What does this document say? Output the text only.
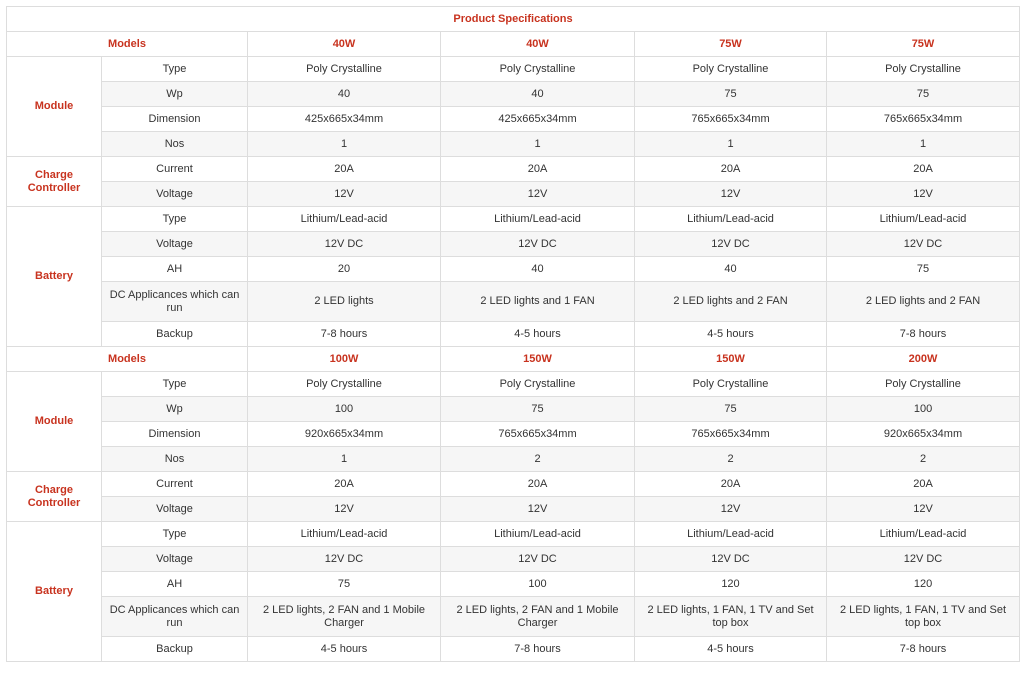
Product Specifications					
Models		40W	40W	75W	75W
Module	Type	Poly Crystalline	Poly Crystalline	Poly Crystalline	Poly Crystalline
	Wp	40	40	75	75
	Dimension	425x665x34mm	425x665x34mm	765x665x34mm	765x665x34mm
	Nos	1	1	1	1
Charge
Controller	Current	20A	20A	20A	20A
	Voltage	12V	12V	12V	12V
Battery	Type	Lithium/Lead-acid	Lithium/Lead-acid	Lithium/Lead-acid	Lithium/Lead-acid
	Voltage	12V DC	12V DC	12V DC	12V DC
	AH	20	40	40	75
	DC Applicances which can run	2 LED lights	2 LED lights and 1 FAN	2 LED lights and 2 FAN	2 LED lights and 2 FAN
	Backup	7-8 hours	4-5 hours	4-5 hours	7-8 hours
Models		100W	150W	150W	200W
Module	Type	Poly Crystalline	Poly Crystalline	Poly Crystalline	Poly Crystalline
	Wp	100	75	75	100
	Dimension	920x665x34mm	765x665x34mm	765x665x34mm	920x665x34mm
	Nos	1	2	2	2
Charge
Controller	Current	20A	20A	20A	20A
	Voltage	12V	12V	12V	12V
Battery	Type	Lithium/Lead-acid	Lithium/Lead-acid	Lithium/Lead-acid	Lithium/Lead-acid
	Voltage	12V DC	12V DC	12V DC	12V DC
	AH	75	100	120	120
	DC Applicances which can run	2 LED lights, 2 FAN and 1 Mobile Charger	2 LED lights, 2 FAN and 1 Mobile Charger	2 LED lights, 1 FAN, 1 TV and Set top box	2 LED lights, 1 FAN, 1 TV and Set top box
	Backup	4-5 hours	7-8 hours	4-5 hours	7-8 hours
